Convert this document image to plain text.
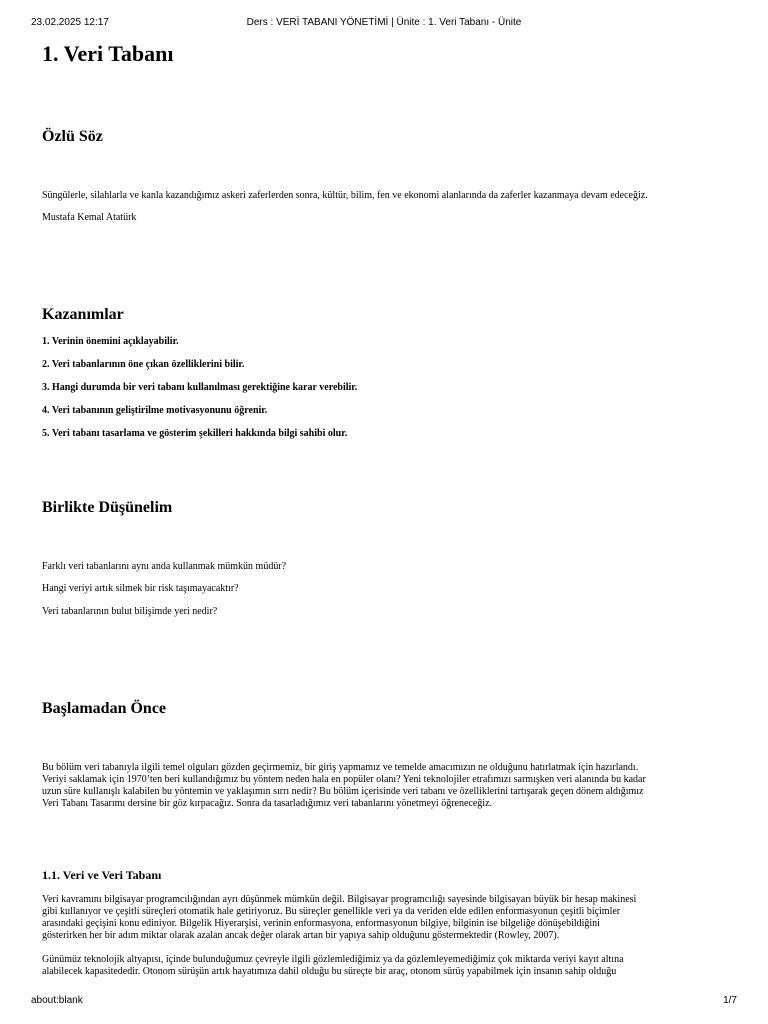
23.02.2025 12:17	Ders : VERİ TABANI YÖNETİMİ | Ünite : 1. Veri Tabanı - Ünite
1. Veri Tabanı
Özlü Söz

Süngülerle, silahlarla ve kanla kazandığımız askeri zaferlerden sonra, kültür, bilim, fen ve ekonomi alanlarında da zaferler kazanmaya devam edeceğiz.

Mustafa Kemal Atatürk

Kazanımlar

1. Verinin önemini açıklayabilir.

2. Veri tabanlarının öne çıkan özelliklerini bilir.

3. Hangi durumda bir veri tabanı kullanılması gerektiğine karar verebilir.

4. Veri tabanının geliştirilme motivasyonunu öğrenir.

5. Veri tabanı tasarlama ve gösterim şekilleri hakkında bilgi sahibi olur.

Birlikte Düşünelim

Farklı veri tabanlarını aynı anda kullanmak mümkün müdür?

Hangi veriyi artık silmek bir risk taşımayacaktır?

Veri tabanlarının bulut bilişimde yeri nedir?

Başlamadan Önce

Bu bölüm veri tabanıyla ilgili temel olguları gözden geçirmemiz, bir giriş yapmamız ve temelde amacımızın ne olduğunu hatırlatmak için hazırlandı.

Veriyi saklamak için 1970’ten beri kullandığımız bu yöntem neden hala en popüler olanı? Yeni teknolojiler etrafımızı sarmışken veri alanında bu kadar

uzun süre kullanışlı kalabilen bu yöntemin ve yaklaşımın sırrı nedir? Bu bölüm içerisinde veri tabanı ve özelliklerini tartışarak geçen dönem aldığımız

Veri Tabanı Tasarımı dersine bir göz kırpacağız. Sonra da tasarladığımız veri tabanlarını yönetmeyi öğreneceğiz.

1.1. Veri ve Veri Tabanı

Veri kavramını bilgisayar programcılığından ayrı düşünmek mümkün değil. Bilgisayar programcılığı sayesinde bilgisayarı büyük bir hesap makinesi

gibi kullanıyor ve çeşitli süreçleri otomatik hale getiriyoruz. Bu süreçler genellikle veri ya da veriden elde edilen enformasyonun çeşitli biçimler

arasındaki geçişini konu ediniyor. Bilgelik Hiyerarşisi, verinin enformasyona, enformasyonun bilgiye, bilginin ise bilgeliğe dönüşebildiğini

gösterirken her bir adım miktar olarak azalan ancak değer olarak artan bir yapıya sahip olduğunu göstermektedir (Rowley, 2007).

Günümüz teknolojik altyapısı, içinde bulunduğumuz çevreyle ilgili gözlemlediğimiz ya da gözlemleyemediğimiz çok miktarda veriyi kayıt altına

alabilecek kapasitededir. Otonom sürüşün artık hayatımıza dahil olduğu bu süreçte bir araç, otonom sürüş yapabilmek için insanın sahip olduğu

about:blank	1/7
